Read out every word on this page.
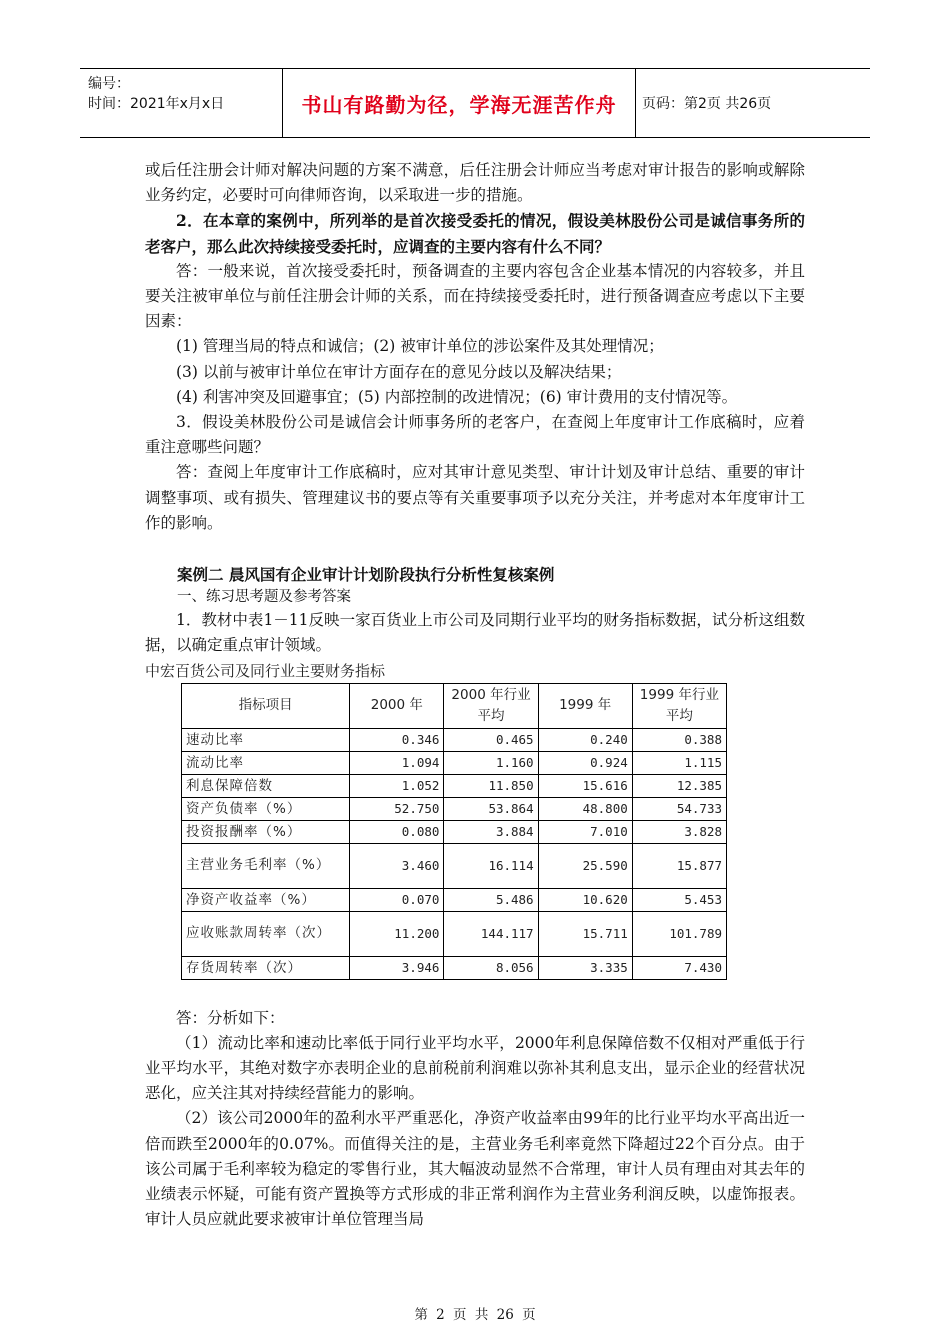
编号：
时间：2021年x月x日	书山有路勤为径，学海无涯苦作舟 页码：第2页 共26页

或后任注册会计师对解决问题的方案不满意，后任注册会计师应当考虑对审计报告的影响或解除业务约定，必要时可向律师咨询，以采取进一步的措施。

2．在本章的案例中，所列举的是首次接受委托的情况，假设美林股份公司是诚信事务所的老客户，那么此次持续接受委托时，应调查的主要内容有什么不同？

答：一般来说，首次接受委托时，预备调查的主要内容包含企业基本情况的内容较多，并且要关注被审单位与前任注册会计师的关系，而在持续接受委托时，进行预备调查应考虑以下主要因素：

(1) 管理当局的特点和诚信；(2) 被审计单位的涉讼案件及其处理情况；

(3) 以前与被审计单位在审计方面存在的意见分歧以及解决结果；

(4) 利害冲突及回避事宜；(5) 内部控制的改进情况；(6) 审计费用的支付情况等。

3．假设美林股份公司是诚信会计师事务所的老客户，在查阅上年度审计工作底稿时，应着重注意哪些问题？

答：查阅上年度审计工作底稿时，应对其审计意见类型、审计计划及审计总结、重要的审计调整事项、或有损失、管理建议书的要点等有关重要事项予以充分关注，并考虑对本年度审计工作的影响。

案例二 晨风国有企业审计计划阶段执行分析性复核案例

一、练习思考题及参考答案

1．教材中表1－11反映一家百货业上市公司及同期行业平均的财务指标数据，试分析这组数据，以确定重点审计领域。

中宏百货公司及同行业主要财务指标

指标项目	2000 年	2000 年行业平均	1999 年	1999 年行业平均
速动比率	0.346	0.465	0.240	0.388
流动比率	1.094	1.160	0.924	1.115
利息保障倍数	1.052	11.850	15.616	12.385
资产负债率（%）	52.750	53.864	48.800	54.733
投资报酬率（%）	0.080	3.884	7.010	3.828
主营业务毛利率（%）	3.460	16.114	25.590	15.877
净资产收益率（%）	0.070	5.486	10.620	5.453
应收账款周转率（次）	11.200	144.117	15.711	101.789
存货周转率（次）	3.946	8.056	3.335	7.430

答：分析如下：

（1）流动比率和速动比率低于同行业平均水平，2000年利息保障倍数不仅相对严重低于行业平均水平，其绝对数字亦表明企业的息前税前利润难以弥补其利息支出，显示企业的经营状况恶化，应关注其对持续经营能力的影响。

（2）该公司2000年的盈利水平严重恶化，净资产收益率由99年的比行业平均水平高出近一倍而跌至2000年的0.07%。而值得关注的是，主营业务毛利率竟然下降超过22个百分点。由于该公司属于毛利率较为稳定的零售行业，其大幅波动显然不合常理，审计人员有理由对其去年的业绩表示怀疑，可能有资产置换等方式形成的非正常利润作为主营业务利润反映，以虚饰报表。审计人员应就此要求被审计单位管理当局

第 2 页 共 26 页
